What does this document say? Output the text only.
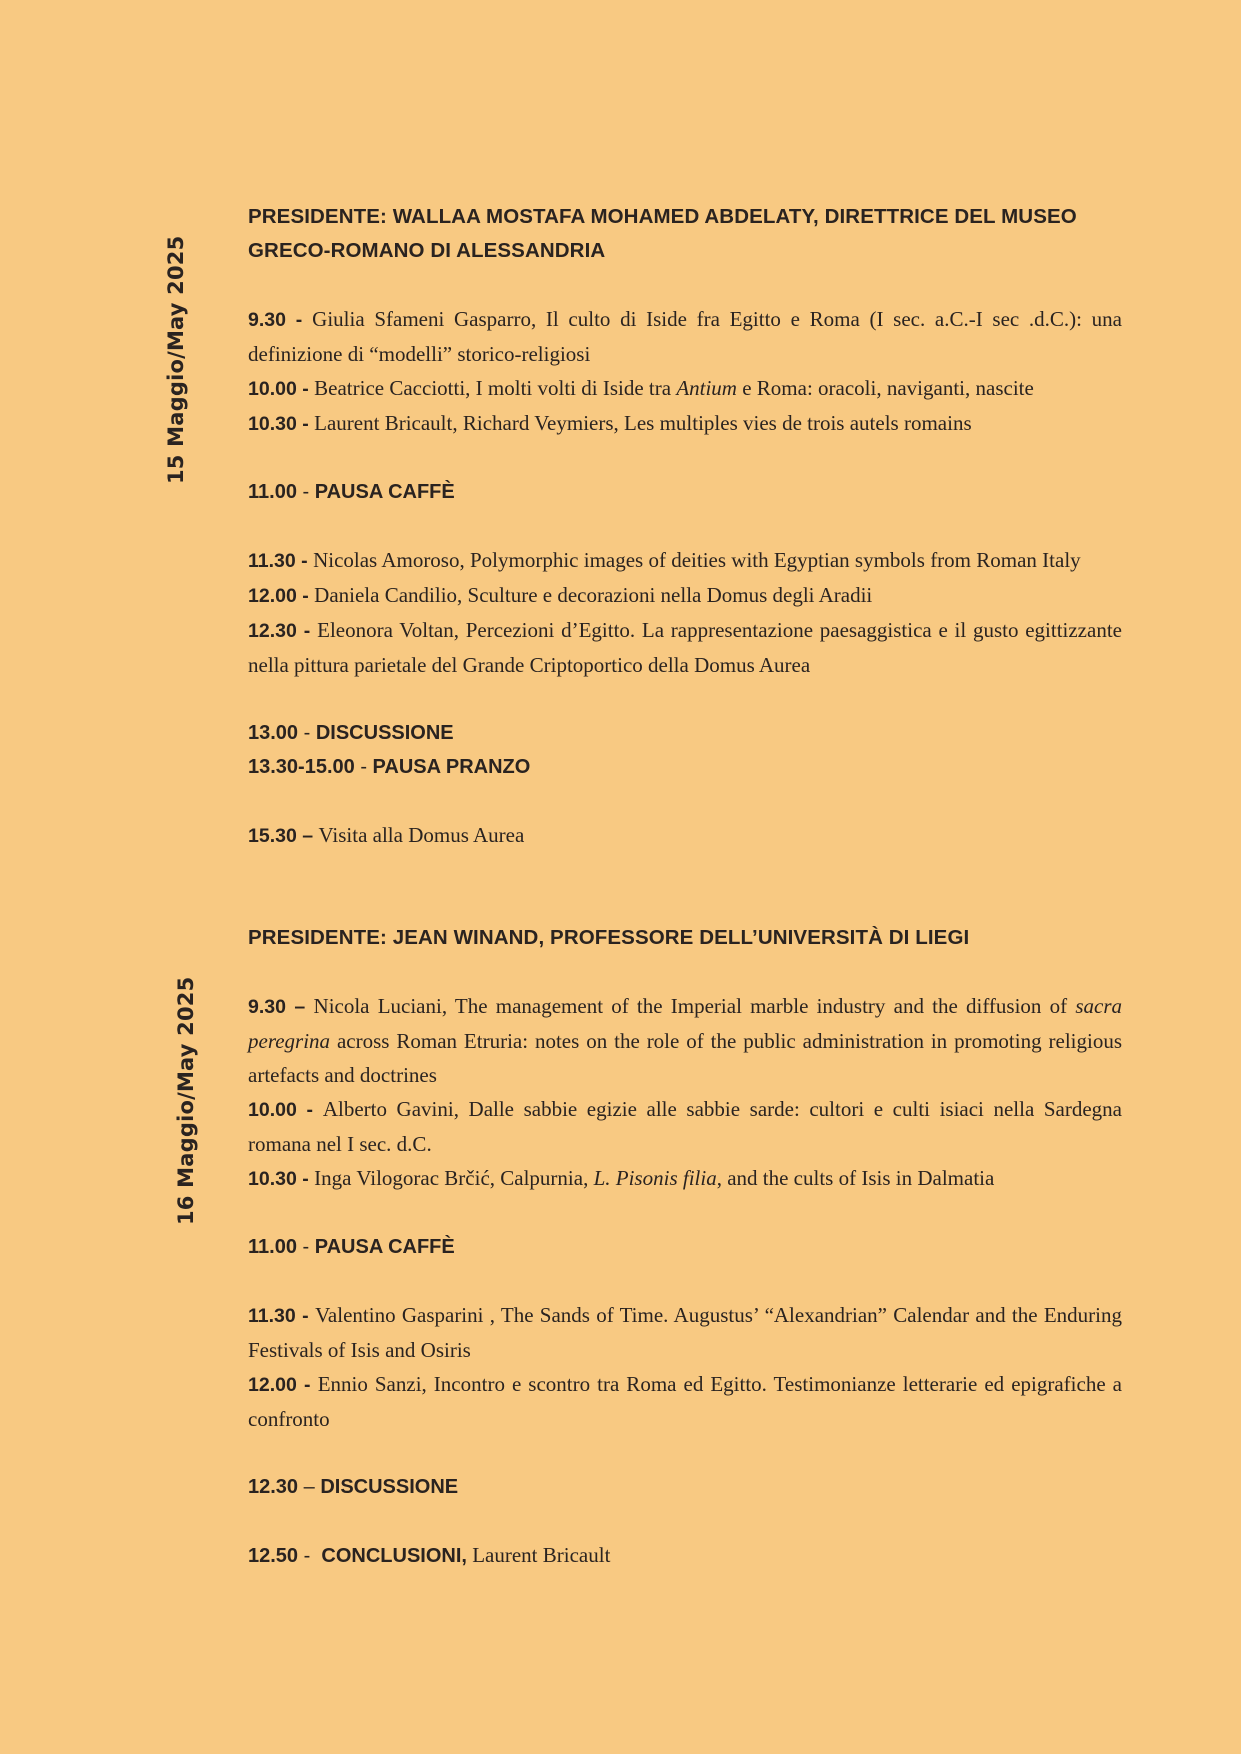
15 Maggio/May 2025
16 Maggio/May 2025
PRESIDENTE: WALLAA MOSTAFA MOHAMED ABDELATY, DIRETTRICE DEL MUSEO GRECO-ROMANO DI ALESSANDRIA
9.30 - Giulia Sfameni Gasparro, Il culto di Iside fra Egitto e Roma (I sec. a.C.-I sec .d.C.): una definizione di “modelli” storico-religiosi
10.00 - Beatrice Cacciotti, I molti volti di Iside tra Antium e Roma: oracoli, naviganti, nascite
10.30 - Laurent Bricault, Richard Veymiers, Les multiples vies de trois autels romains
11.00 - PAUSA CAFFÈ
11.30 - Nicolas Amoroso, Polymorphic images of deities with Egyptian symbols from Roman Italy
12.00 - Daniela Candilio, Sculture e decorazioni nella Domus degli Aradii
12.30 - Eleonora Voltan, Percezioni d’Egitto. La rappresentazione paesaggistica e il gusto egittizzante nella pittura parietale del Grande Criptoportico della Domus Aurea
13.00 - DISCUSSIONE
13.30-15.00 - PAUSA PRANZO
15.30 – Visita alla Domus Aurea
PRESIDENTE: JEAN WINAND, PROFESSORE DELL’UNIVERSITÀ DI LIEGI
9.30 – Nicola Luciani, The management of the Imperial marble industry and the diffusion of sacra peregrina across Roman Etruria: notes on the role of the public administration in promoting religious artefacts and doctrines
10.00 - Alberto Gavini, Dalle sabbie egizie alle sabbie sarde: cultori e culti isiaci nella Sardegna romana nel I sec. d.C.
10.30 - Inga Vilogorac Brčić, Calpurnia, L. Pisonis filia, and the cults of Isis in Dalmatia
11.00 - PAUSA CAFFÈ
11.30 - Valentino Gasparini , The Sands of Time. Augustus’ “Alexandrian” Calendar and the Enduring Festivals of Isis and Osiris
12.00 - Ennio Sanzi, Incontro e scontro tra Roma ed Egitto. Testimonianze letterarie ed epigrafiche a confronto
12.30 – DISCUSSIONE
12.50 -  CONCLUSIONI, Laurent Bricault
